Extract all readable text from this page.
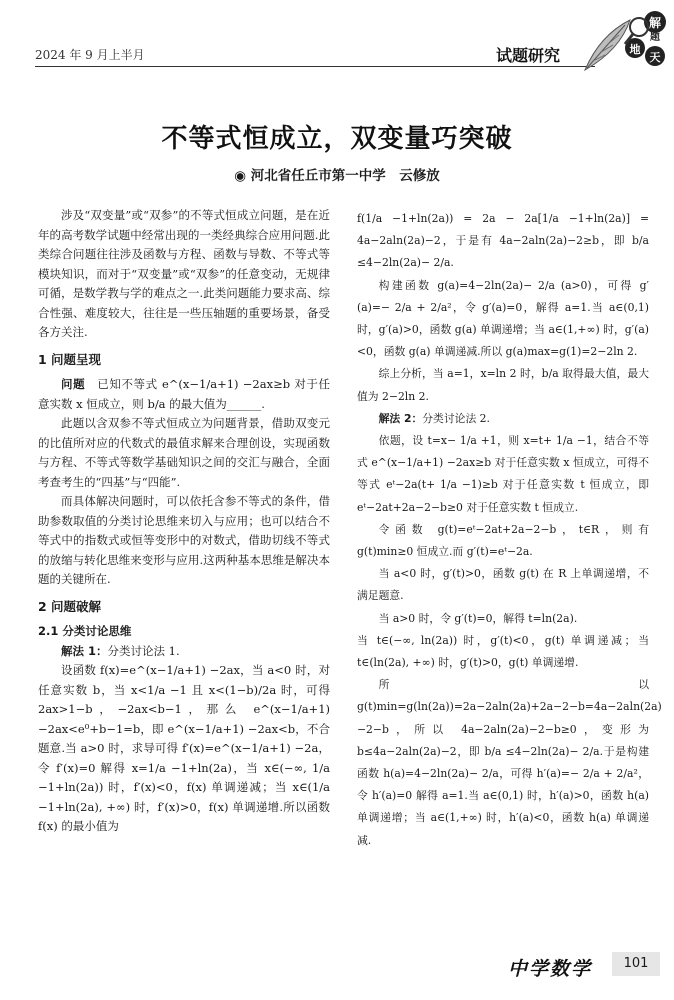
2024 年 9 月上半月	试题研究
解
题
天
地
不等式恒成立，双变量巧突破
◉ 河北省任丘市第一中学　云修放

涉及“双变量”或“双参”的不等式恒成立问题，是在近年的高考数学试题中经常出现的一类经典综合应用问题.此类综合问题往往涉及函数与方程、函数与导数、不等式等模块知识，而对于“双变量”或“双参”的任意变动，无规律可循，是数学教与学的难点之一.此类问题能力要求高、综合性强、难度较大，往往是一些压轴题的重要场景，备受各方关注.

1 问题呈现

问题　 已知不等式 e^(x−1/a+1) −2ax≥b 对于任意实数 x 恒成立，则 b/a 的最大值为______.

此题以含双参不等式恒成立为问题背景，借助双变元的比值所对应的代数式的最值求解来合理创设，实现函数与方程、不等式等数学基础知识之间的交汇与融合，全面考查考生的“四基”与“四能”.

而具体解决问题时，可以依托含参不等式的条件，借助参数取值的分类讨论思维来切入与应用；也可以结合不等式中的指数式或恒等变形中的对数式，借助切线不等式的放缩与转化思维来变形与应用.这两种基本思维是解决本题的关键所在.

2 问题破解
2.1 分类讨论思维

解法 1：分类讨论法 1.

设函数 f(x)=e^(x−1/a+1) −2ax，当 a<0 时，对任意实数 b，当 x<1/a −1 且 x<(1−b)/2a 时，可得 2ax>1−b，−2ax<b−1，那么 e^(x−1/a+1) −2ax<e⁰+b−1=b，即 e^(x−1/a+1) −2ax<b，不合题意.当 a>0 时，求导可得 f′(x)=e^(x−1/a+1) −2a，令 f′(x)=0 解得 x=1/a −1+ln(2a)，当 x∈(−∞, 1/a −1+ln(2a)) 时，f′(x)<0，f(x) 单调递减；当 x∈(1/a −1+ln(2a), +∞) 时，f′(x)>0，f(x) 单调递增.所以函数 f(x) 的最小值为

f(1/a −1+ln(2a)) = 2a − 2a[1/a −1+ln(2a)] = 4a−2aln(2a)−2，于是有 4a−2aln(2a)−2≥b，即 b/a ≤4−2ln(2a)− 2/a.

构建函数 g(a)=4−2ln(2a)− 2/a (a>0)，可得 g′(a)=− 2/a + 2/a²，令 g′(a)=0，解得 a=1.当 a∈(0,1) 时，g′(a)>0，函数 g(a) 单调递增；当 a∈(1,+∞) 时，g′(a)<0，函数 g(a) 单调递减.所以 g(a)max=g(1)=2−2ln 2.

综上分析，当 a=1，x=ln 2 时，b/a 取得最大值，最大值为 2−2ln 2.

解法 2：分类讨论法 2.

依题，设 t=x− 1/a +1，则 x=t+ 1/a −1，结合不等式 e^(x−1/a+1) −2ax≥b 对于任意实数 x 恒成立，可得不等式 eᵗ−2a(t+ 1/a −1)≥b 对于任意实数 t 恒成立，即 eᵗ−2at+2a−2−b≥0 对于任意实数 t 恒成立.

令函数 g(t)=eᵗ−2at+2a−2−b，t∈R，则有 g(t)min≥0 恒成立.而 g′(t)=eᵗ−2a.

当 a<0 时，g′(t)>0，函数 g(t) 在 R 上单调递增，不满足题意.

当 a>0 时，令 g′(t)=0，解得 t=ln(2a).

当 t∈(−∞, ln(2a)) 时，g′(t)<0，g(t) 单调递减；当 t∈(ln(2a), +∞) 时，g′(t)>0，g(t) 单调递增.

所以 g(t)min=g(ln(2a))=2a−2aln(2a)+2a−2−b=4a−2aln(2a)−2−b，所以 4a−2aln(2a)−2−b≥0，变形为 b≤4a−2aln(2a)−2，即 b/a ≤4−2ln(2a)− 2/a.于是构建函数 h(a)=4−2ln(2a)− 2/a，可得 h′(a)=− 2/a + 2/a²，令 h′(a)=0 解得 a=1.当 a∈(0,1) 时，h′(a)>0，函数 h(a) 单调递增；当 a∈(1,+∞) 时，h′(a)<0，函数 h(a) 单调递减.

中学数学	101
